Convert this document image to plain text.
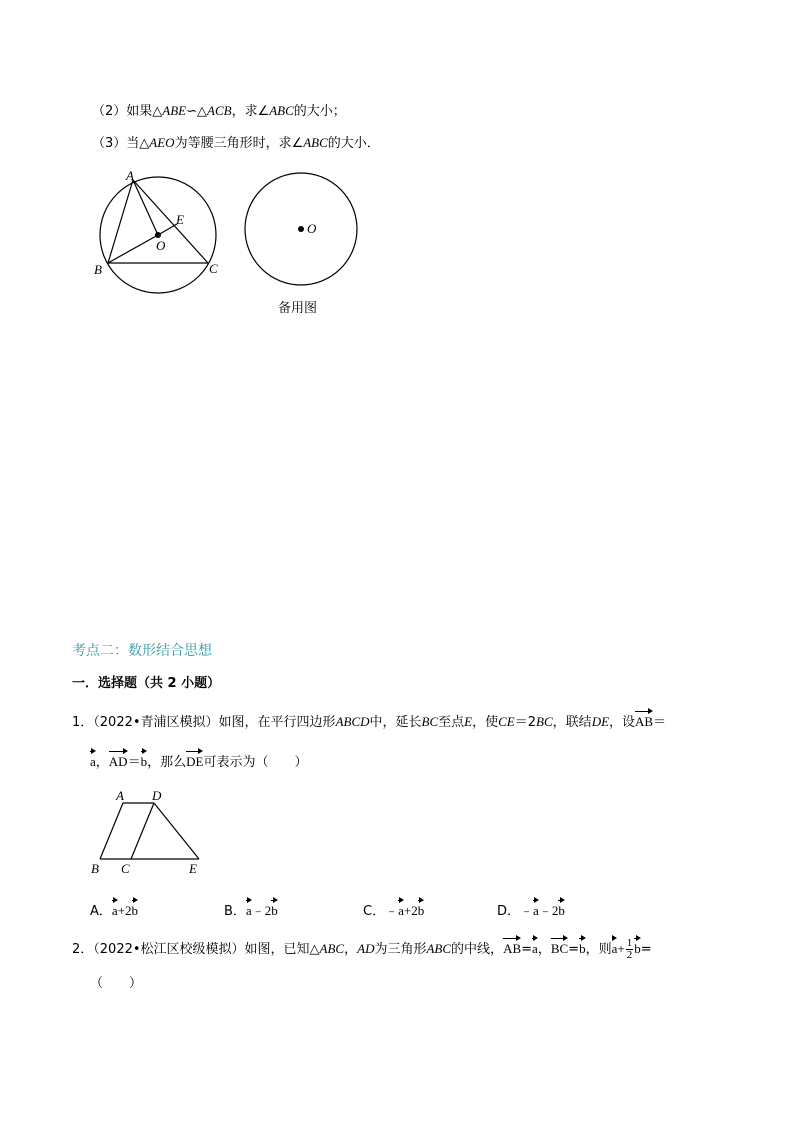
（2）如果△ABE∽△ACB，求∠ABC的大小；
（3）当△AEO为等腰三角形时，求∠ABC的大小．
A
B	C
E
O
O
备用图
考点二：数形结合思想
一．选择题（共 2 小题）
1．（2022•青浦区模拟）如图，在平行四边形ABCD中，延长BC至点E，使CE＝2BC，联结DE，设AB＝
a，AD＝b，那么DE可表示为（　　）
A D
B C	E
A．a+2b	B．a﹣2b	C．﹣a+2b	D．﹣a﹣2b
2．（2022•松江区校级模拟）如图，已知△ABC，AD为三角形ABC的中线，AB=a，BC=b，则$a+ \frac{1}{2} b=$
（　　）
